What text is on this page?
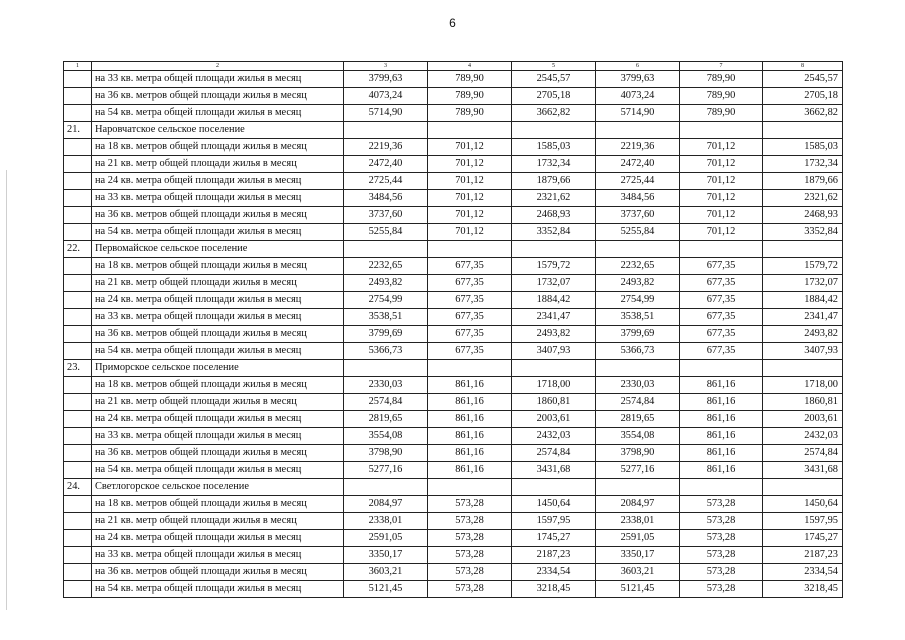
6
1	2	3	4	5	6	7	8
	на 33 кв. метра общей площади жилья в месяц	3799,63	789,90	2545,57	3799,63	789,90	2545,57
	на 36 кв. метров общей площади жилья в месяц	4073,24	789,90	2705,18	4073,24	789,90	2705,18
	на 54 кв. метра общей площади жилья в месяц	5714,90	789,90	3662,82	5714,90	789,90	3662,82
21.	Наровчатское сельское поселение						
	на 18 кв. метров общей площади жилья в месяц	2219,36	701,12	1585,03	2219,36	701,12	1585,03
	на 21 кв. метр общей площади жилья в месяц	2472,40	701,12	1732,34	2472,40	701,12	1732,34
	на 24 кв. метра общей площади жилья в месяц	2725,44	701,12	1879,66	2725,44	701,12	1879,66
	на 33 кв. метра общей площади жилья в месяц	3484,56	701,12	2321,62	3484,56	701,12	2321,62
	на 36 кв. метров общей площади жилья в месяц	3737,60	701,12	2468,93	3737,60	701,12	2468,93
	на 54 кв. метра общей площади жилья в месяц	5255,84	701,12	3352,84	5255,84	701,12	3352,84
22.	Первомайское сельское поселение						
	на 18 кв. метров общей площади жилья в месяц	2232,65	677,35	1579,72	2232,65	677,35	1579,72
	на 21 кв. метр общей площади жилья в месяц	2493,82	677,35	1732,07	2493,82	677,35	1732,07
	на 24 кв. метра общей площади жилья в месяц	2754,99	677,35	1884,42	2754,99	677,35	1884,42
	на 33 кв. метра общей площади жилья в месяц	3538,51	677,35	2341,47	3538,51	677,35	2341,47
	на 36 кв. метров общей площади жилья в месяц	3799,69	677,35	2493,82	3799,69	677,35	2493,82
	на 54 кв. метра общей площади жилья в месяц	5366,73	677,35	3407,93	5366,73	677,35	3407,93
23.	Приморское сельское поселение						
	на 18 кв. метров общей площади жилья в месяц	2330,03	861,16	1718,00	2330,03	861,16	1718,00
	на 21 кв. метр общей площади жилья в месяц	2574,84	861,16	1860,81	2574,84	861,16	1860,81
	на 24 кв. метра общей площади жилья в месяц	2819,65	861,16	2003,61	2819,65	861,16	2003,61
	на 33 кв. метра общей площади жилья в месяц	3554,08	861,16	2432,03	3554,08	861,16	2432,03
	на 36 кв. метров общей площади жилья в месяц	3798,90	861,16	2574,84	3798,90	861,16	2574,84
	на 54 кв. метра общей площади жилья в месяц	5277,16	861,16	3431,68	5277,16	861,16	3431,68
24.	Светлогорское сельское поселение						
	на 18 кв. метров общей площади жилья в месяц	2084,97	573,28	1450,64	2084,97	573,28	1450,64
	на 21 кв. метр общей площади жилья в месяц	2338,01	573,28	1597,95	2338,01	573,28	1597,95
	на 24 кв. метра общей площади жилья в месяц	2591,05	573,28	1745,27	2591,05	573,28	1745,27
	на 33 кв. метра общей площади жилья в месяц	3350,17	573,28	2187,23	3350,17	573,28	2187,23
	на 36 кв. метров общей площади жилья в месяц	3603,21	573,28	2334,54	3603,21	573,28	2334,54
	на 54 кв. метра общей площади жилья в месяц	5121,45	573,28	3218,45	5121,45	573,28	3218,45
